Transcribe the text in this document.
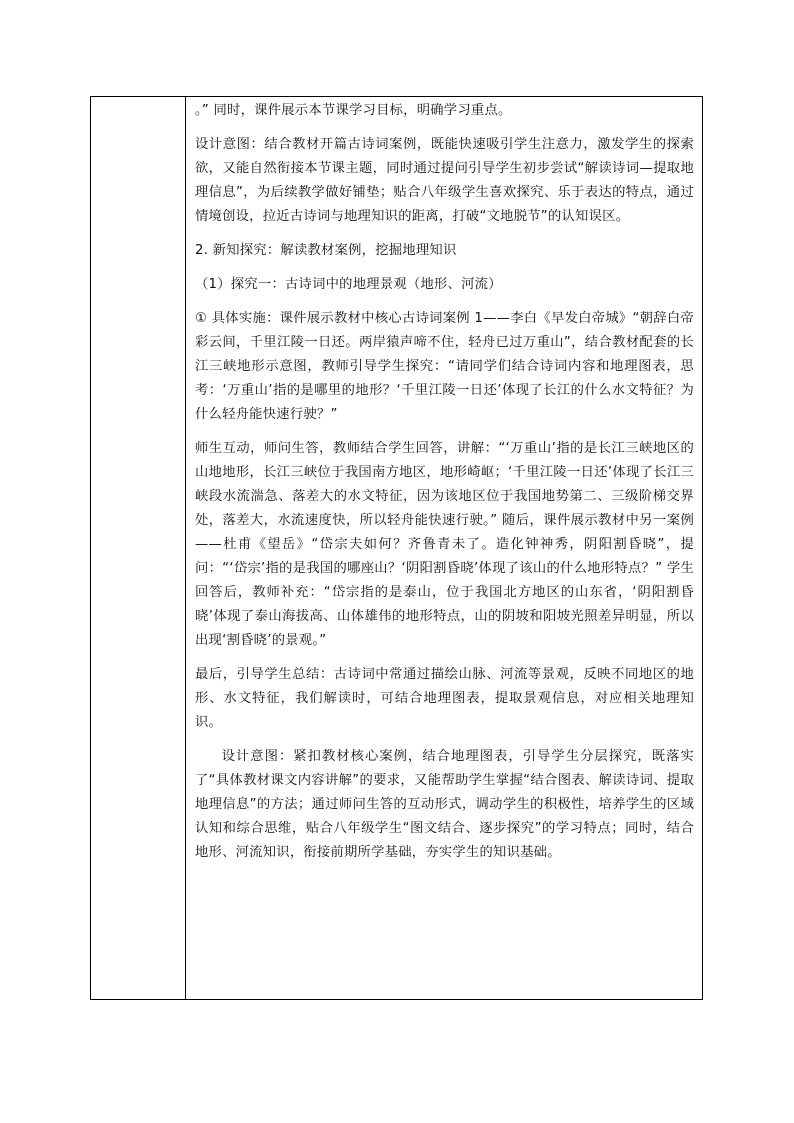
。” 同时，课件展示本节课学习目标，明确学习重点。

设计意图：结合教材开篇古诗词案例，既能快速吸引学生注意力，激发学生的探索欲，又能自然衔接本节课主题，同时通过提问引导学生初步尝试“解读诗词—提取地理信息”，为后续教学做好铺垫；贴合八年级学生喜欢探究、乐于表达的特点，通过情境创设，拉近古诗词与地理知识的距离，打破“文地脱节”的认知误区。

2. 新知探究：解读教材案例，挖掘地理知识

（1）探究一：古诗词中的地理景观（地形、河流）

① 具体实施：课件展示教材中核心古诗词案例 1——李白《早发白帝城》“朝辞白帝彩云间，千里江陵一日还。两岸猿声啼不住，轻舟已过万重山”，结合教材配套的长江三峡地形示意图，教师引导学生探究：“请同学们结合诗词内容和地理图表，思考：‘万重山’指的是哪里的地形？‘千里江陵一日还’体现了长江的什么水文特征？为什么轻舟能快速行驶？”

师生互动，师问生答，教师结合学生回答，讲解：“‘万重山’指的是长江三峡地区的山地地形，长江三峡位于我国南方地区，地形崎岖；‘千里江陵一日还’体现了长江三峡段水流湍急、落差大的水文特征，因为该地区位于我国地势第二、三级阶梯交界处，落差大，水流速度快，所以轻舟能快速行驶。” 随后，课件展示教材中另一案例——杜甫《望岳》“岱宗夫如何？齐鲁青未了。造化钟神秀，阴阳割昏晓”，提问：“‘岱宗’指的是我国的哪座山？‘阴阳割昏晓’体现了该山的什么地形特点？” 学生回答后，教师补充：“岱宗指的是泰山，位于我国北方地区的山东省，‘阴阳割昏晓’体现了泰山海拔高、山体雄伟的地形特点，山的阴坡和阳坡光照差异明显，所以出现‘割昏晓’的景观。”

最后，引导学生总结：古诗词中常通过描绘山脉、河流等景观，反映不同地区的地形、水文特征，我们解读时，可结合地理图表，提取景观信息，对应相关地理知识。

设计意图：紧扣教材核心案例，结合地理图表，引导学生分层探究，既落实了“具体教材课文内容讲解”的要求，又能帮助学生掌握“结合图表、解读诗词、提取地理信息”的方法；通过师问生答的互动形式，调动学生的积极性，培养学生的区域认知和综合思维，贴合八年级学生“图文结合、逐步探究”的学习特点；同时，结合地形、河流知识，衔接前期所学基础，夯实学生的知识基础。
